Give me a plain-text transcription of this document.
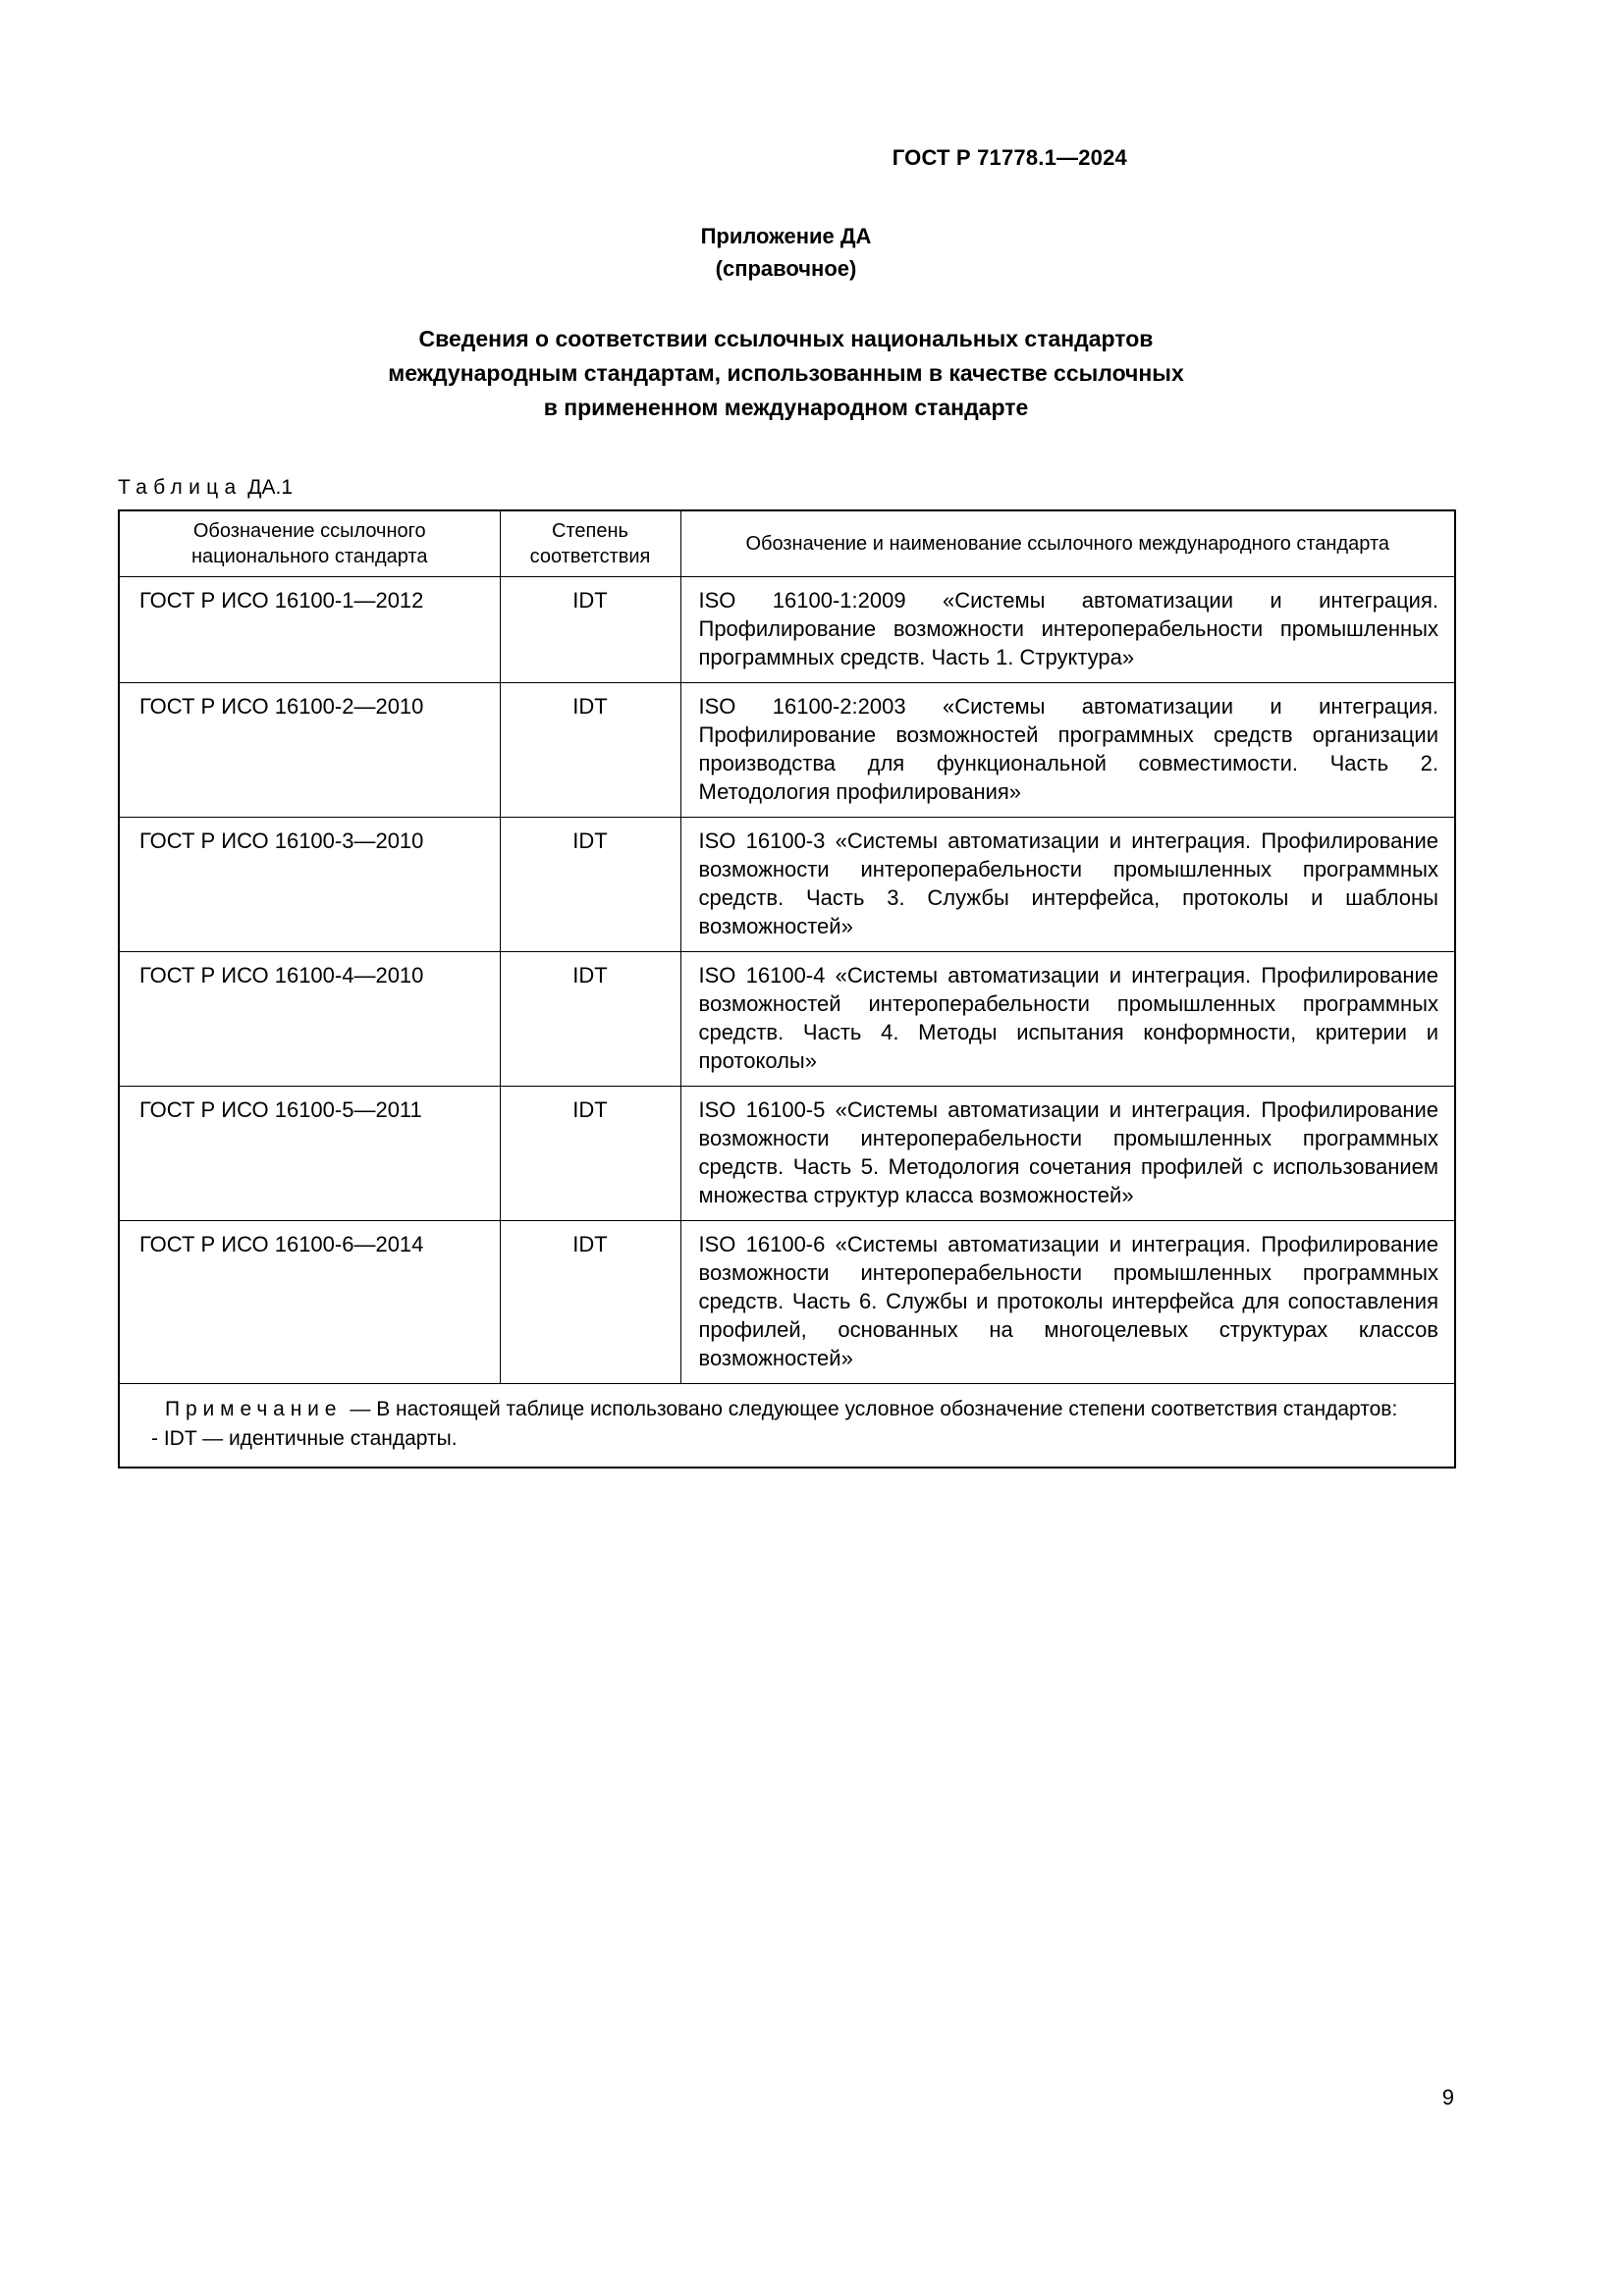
ГОСТ Р 71778.1—2024
Приложение ДА
(справочное)
Сведения о соответствии ссылочных национальных стандартов
международным стандартам, использованным в качестве ссылочных
в примененном международном стандарте
Таблица ДА.1
Обозначение ссылочного национального стандарта	Степень соответствия	Обозначение и наименование ссылочного международного стандарта
ГОСТ Р ИСО 16100-1—2012	IDT	ISO 16100-1:2009 «Системы автоматизации и интеграция. Профилирование возможности интероперабельности промышленных программных средств. Часть 1. Структура»
ГОСТ Р ИСО 16100-2—2010	IDT	ISO 16100-2:2003 «Системы автоматизации и интеграция. Профилирование возможностей программных средств организации производства для функциональной совместимости. Часть 2. Методология профилирования»
ГОСТ Р ИСО 16100-3—2010	IDT	ISO 16100-3 «Системы автоматизации и интеграция. Профилирование возможности интероперабельности промышленных программных средств. Часть 3. Службы интерфейса, протоколы и шаблоны возможностей»
ГОСТ Р ИСО 16100-4—2010	IDT	ISO 16100-4 «Системы автоматизации и интеграция. Профилирование возможностей интероперабельности промышленных программных средств. Часть 4. Методы испытания конформности, критерии и протоколы»
ГОСТ Р ИСО 16100-5—2011	IDT	ISO 16100-5 «Системы автоматизации и интеграция. Профилирование возможности интероперабельности промышленных программных средств. Часть 5. Методология сочетания профилей с использованием множества структур класса возможностей»
ГОСТ Р ИСО 16100-6—2014	IDT	ISO 16100-6 «Системы автоматизации и интеграция. Профилирование возможности интероперабельности промышленных программных средств. Часть 6. Службы и протоколы интерфейса для сопоставления профилей, основанных на многоцелевых структурах классов возможностей»

Примечание — В настоящей таблице использовано следующее условное обозначение степени соответствия стандартов:

- IDT — идентичные стандарты.		

9
